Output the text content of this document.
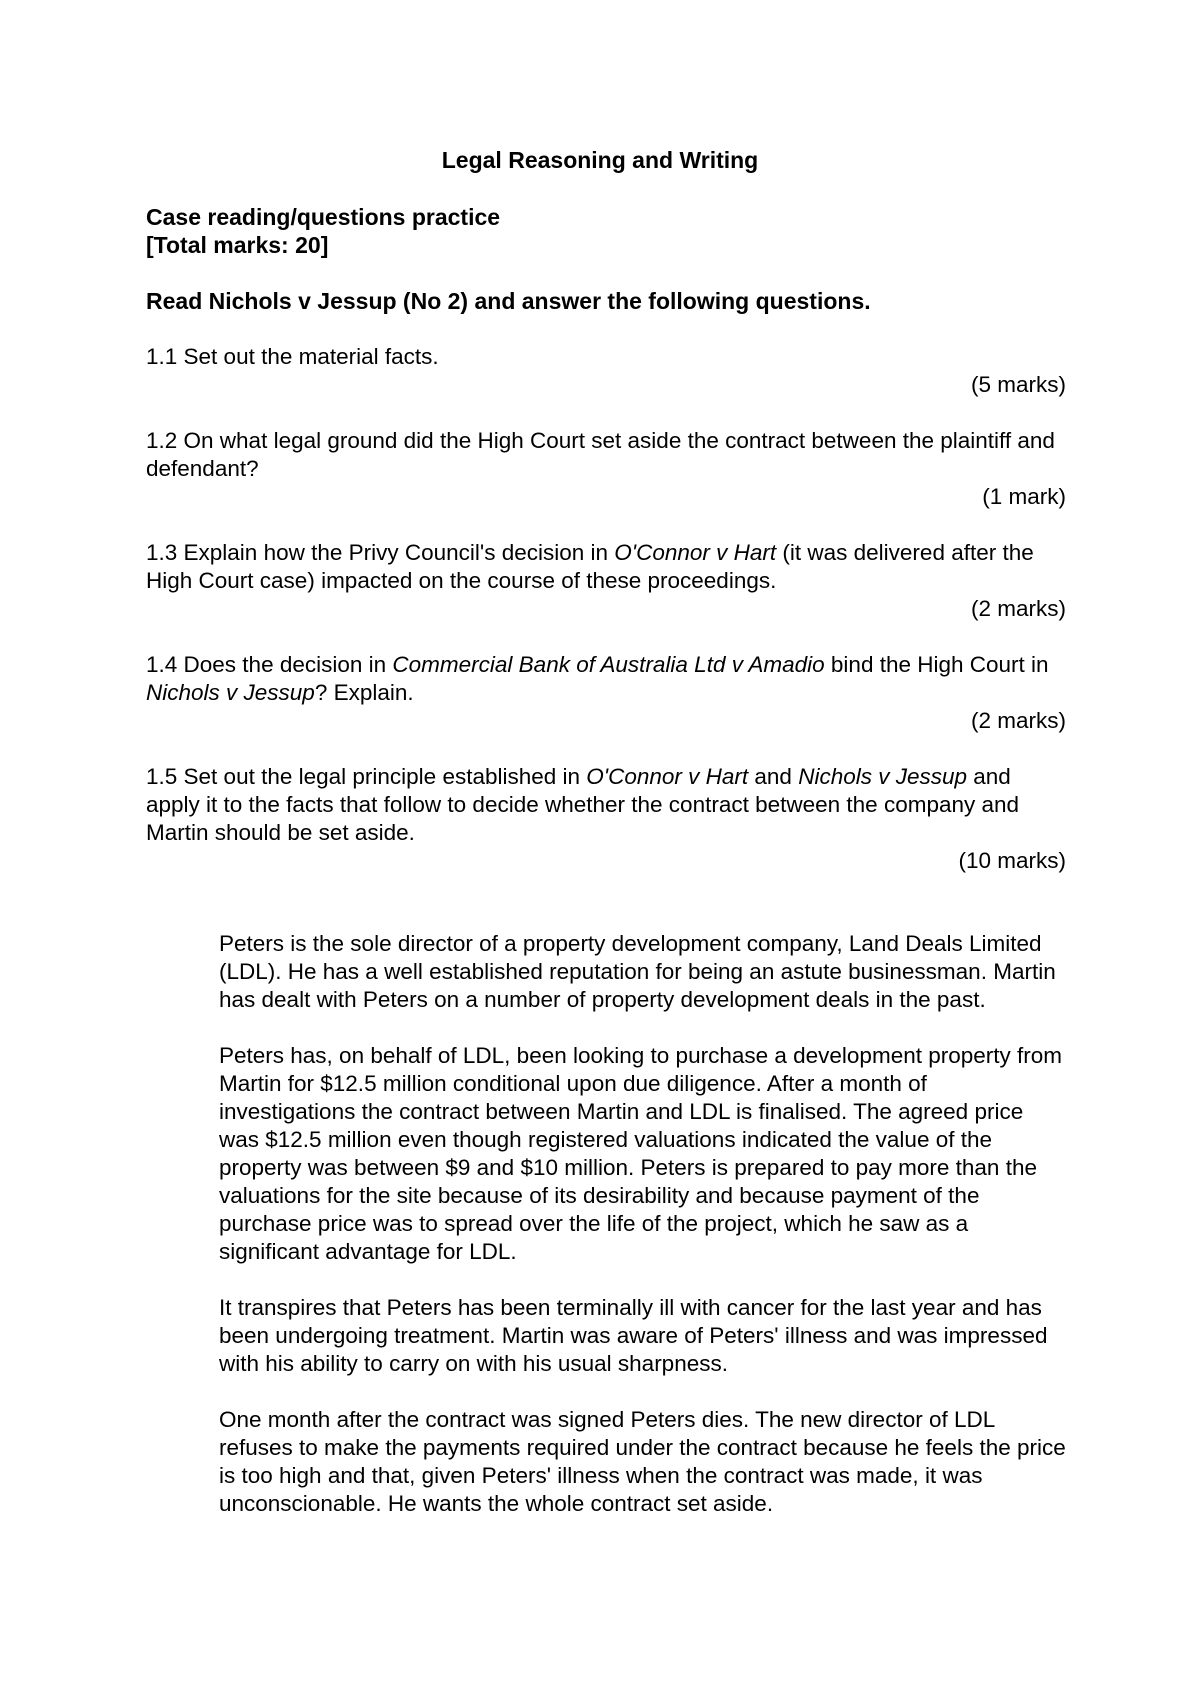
Legal Reasoning and Writing
Case reading/questions practice
[Total marks: 20]
Read Nichols v Jessup (No 2) and answer the following questions.

1.1 Set out the material facts.

(5 marks)

1.2 On what legal ground did the High Court set aside the contract between the plaintiff and defendant?

(1 mark)

1.3 Explain how the Privy Council's decision in O'Connor v Hart (it was delivered after the High Court case) impacted on the course of these proceedings.

(2 marks)

1.4 Does the decision in Commercial Bank of Australia Ltd v Amadio bind the High Court in Nichols v Jessup? Explain.

(2 marks)

1.5 Set out the legal principle established in O'Connor v Hart and Nichols v Jessup and apply it to the facts that follow to decide whether the contract between the company and Martin should be set aside.

(10 marks)

Peters is the sole director of a property development company, Land Deals Limited (LDL). He has a well established reputation for being an astute businessman. Martin has dealt with Peters on a number of property development deals in the past.

Peters has, on behalf of LDL, been looking to purchase a development property from Martin for $12.5 million conditional upon due diligence. After a month of investigations the contract between Martin and LDL is finalised. The agreed price was $12.5 million even though registered valuations indicated the value of the property was between $9 and $10 million. Peters is prepared to pay more than the valuations for the site because of its desirability and because payment of the purchase price was to spread over the life of the project, which he saw as a significant advantage for LDL.

It transpires that Peters has been terminally ill with cancer for the last year and has been undergoing treatment. Martin was aware of Peters' illness and was impressed with his ability to carry on with his usual sharpness.

One month after the contract was signed Peters dies. The new director of LDL refuses to make the payments required under the contract because he feels the price is too high and that, given Peters' illness when the contract was made, it was unconscionable. He wants the whole contract set aside.
